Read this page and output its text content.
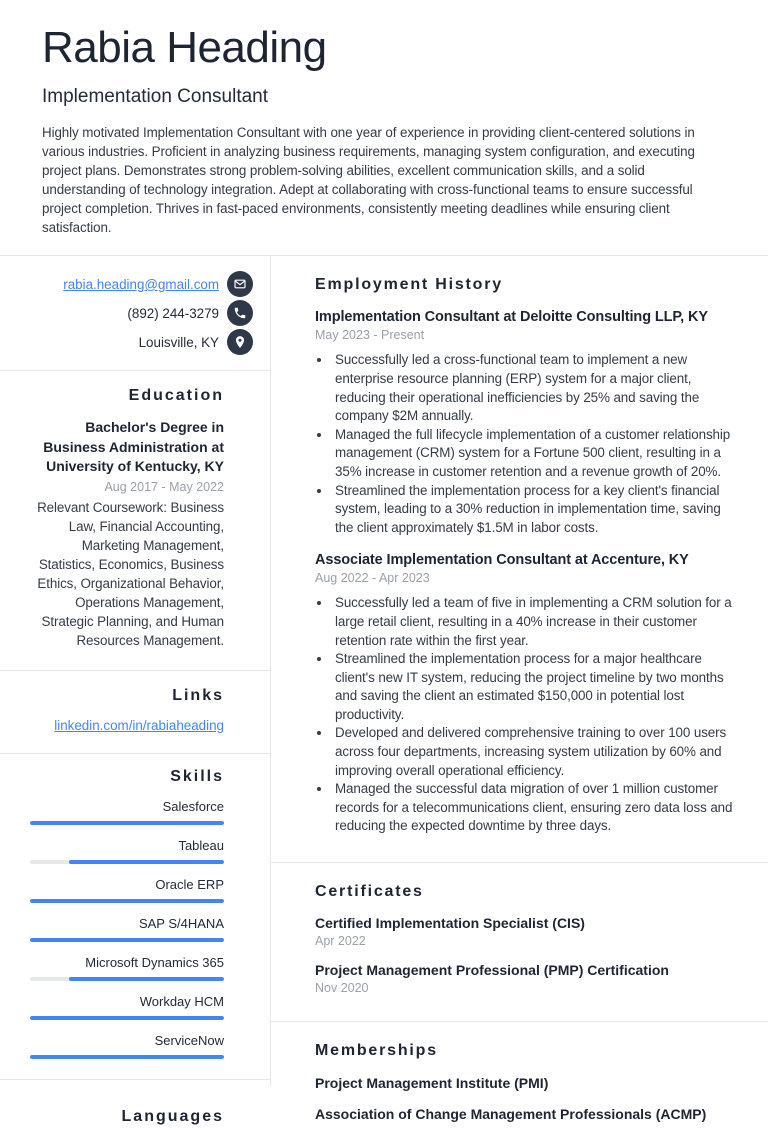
Rabia Heading
Implementation Consultant
Highly motivated Implementation Consultant with one year of experience in providing client-centered solutions in various industries. Proficient in analyzing business requirements, managing system configuration, and executing project plans. Demonstrates strong problem-solving abilities, excellent communication skills, and a solid understanding of technology integration. Adept at collaborating with cross-functional teams to ensure successful project completion. Thrives in fast-paced environments, consistently meeting deadlines while ensuring client satisfaction.
rabia.heading@gmail.com
(892) 244-3279
Louisville, KY
Education
Bachelor's Degree in Business Administration at University of Kentucky, KY
Aug 2017 - May 2022
Relevant Coursework: Business Law, Financial Accounting, Marketing Management, Statistics, Economics, Business Ethics, Organizational Behavior, Operations Management, Strategic Planning, and Human Resources Management.
Links
linkedin.com/in/rabiaheading
Skills
Salesforce
Tableau
Oracle ERP
SAP S/4HANA
Microsoft Dynamics 365
Workday HCM
ServiceNow
Languages
Employment History
Implementation Consultant at Deloitte Consulting LLP, KY
May 2023 - Present
• Successfully led a cross-functional team to implement a new enterprise resource planning (ERP) system for a major client, reducing their operational inefficiencies by 25% and saving the company $2M annually.
• Managed the full lifecycle implementation of a customer relationship management (CRM) system for a Fortune 500 client, resulting in a 35% increase in customer retention and a revenue growth of 20%.
• Streamlined the implementation process for a key client's financial system, leading to a 30% reduction in implementation time, saving the client approximately $1.5M in labor costs.
Associate Implementation Consultant at Accenture, KY
Aug 2022 - Apr 2023
• Successfully led a team of five in implementing a CRM solution for a large retail client, resulting in a 40% increase in their customer retention rate within the first year.
• Streamlined the implementation process for a major healthcare client's new IT system, reducing the project timeline by two months and saving the client an estimated $150,000 in potential lost productivity.
• Developed and delivered comprehensive training to over 100 users across four departments, increasing system utilization by 60% and improving overall operational efficiency.
• Managed the successful data migration of over 1 million customer records for a telecommunications client, ensuring zero data loss and reducing the expected downtime by three days.
Certificates
Certified Implementation Specialist (CIS)
Apr 2022
Project Management Professional (PMP) Certification
Nov 2020
Memberships
Project Management Institute (PMI)
Association of Change Management Professionals (ACMP)
